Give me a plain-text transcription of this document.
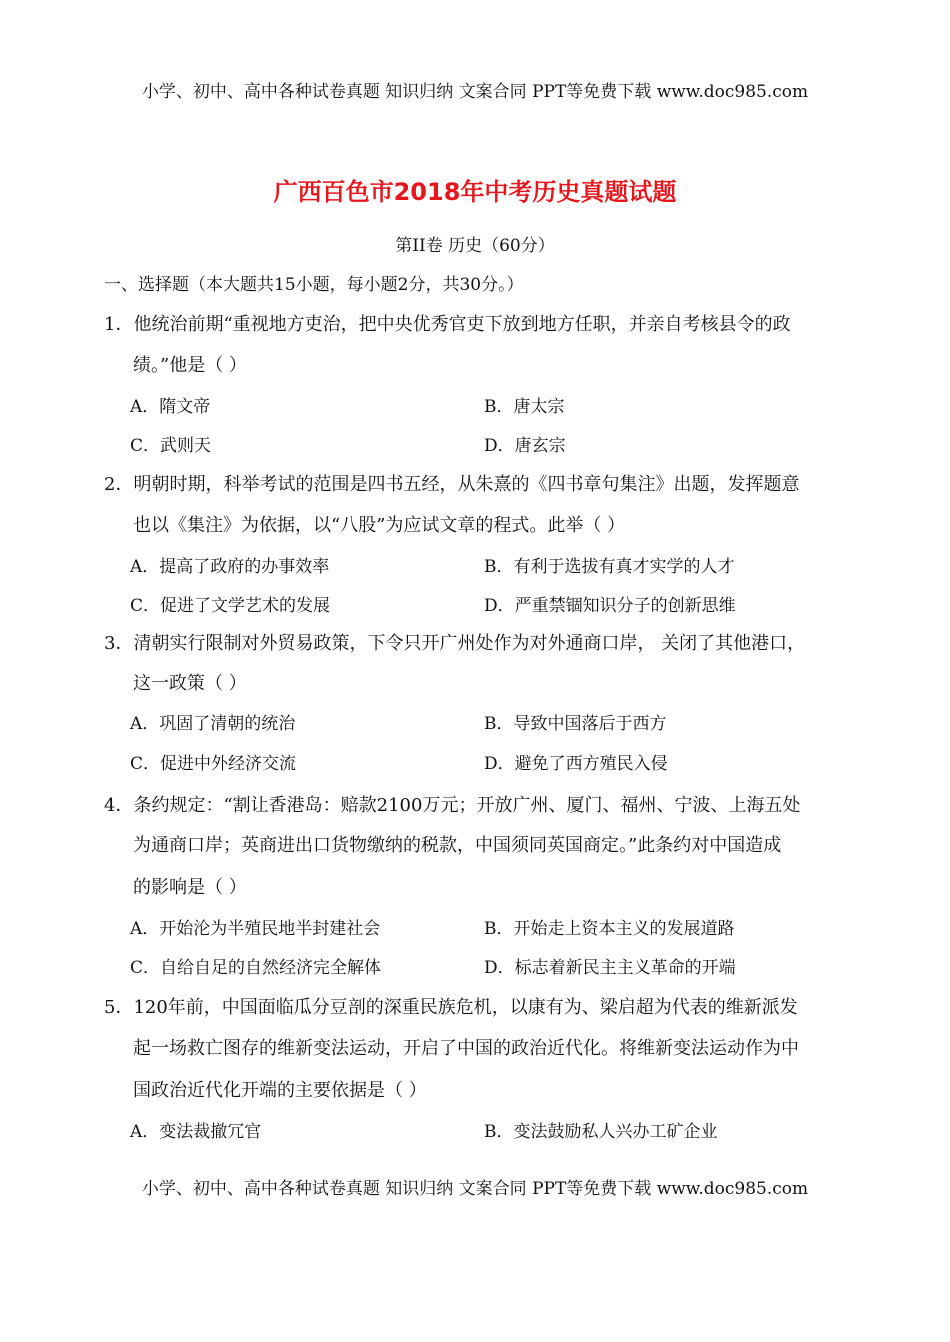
小学、初中、高中各种试卷真题 知识归纳 文案合同 PPT等免费下载 www.doc985.com
广西百色市2018年中考历史真题试题
第II卷 历史（60分）
一、选择题（本大题共15小题，每小题2分，共30分。）
1．他统治前期“重视地方吏治，把中央优秀官吏下放到地方任职，并亲自考核县令的政
绩。”他是（ ）
A．隋文帝	B．唐太宗
C．武则天	D．唐玄宗
2．明朝时期，科举考试的范围是四书五经，从朱熹的《四书章句集注》出题，发挥题意
也以《集注》为依据，以“八股”为应试文章的程式。此举（ ）
A．提高了政府的办事效率	B．有利于选拔有真才实学的人才
C．促进了文学艺术的发展	D．严重禁锢知识分子的创新思维
3．清朝实行限制对外贸易政策，下令只开广州处作为对外通商口岸， 关闭了其他港口，
这一政策（ ）
A．巩固了清朝的统治	B．导致中国落后于西方
C．促进中外经济交流	D．避免了西方殖民入侵
4．条约规定：“割让香港岛：赔款2100万元；开放广州、厦门、福州、宁波、上海五处
为通商口岸；英商进出口货物缴纳的税款，中国须同英国商定。”此条约对中国造成
的影响是（ ）
A．开始沦为半殖民地半封建社会	B．开始走上资本主义的发展道路
C．自给自足的自然经济完全解体	D．标志着新民主主义革命的开端
5．120年前，中国面临瓜分豆剖的深重民族危机，以康有为、梁启超为代表的维新派发
起一场救亡图存的维新变法运动，开启了中国的政治近代化。将维新变法运动作为中
国政治近代化开端的主要依据是（ ）
A．变法裁撤冗官	B．变法鼓励私人兴办工矿企业
小学、初中、高中各种试卷真题 知识归纳 文案合同 PPT等免费下载 www.doc985.com
